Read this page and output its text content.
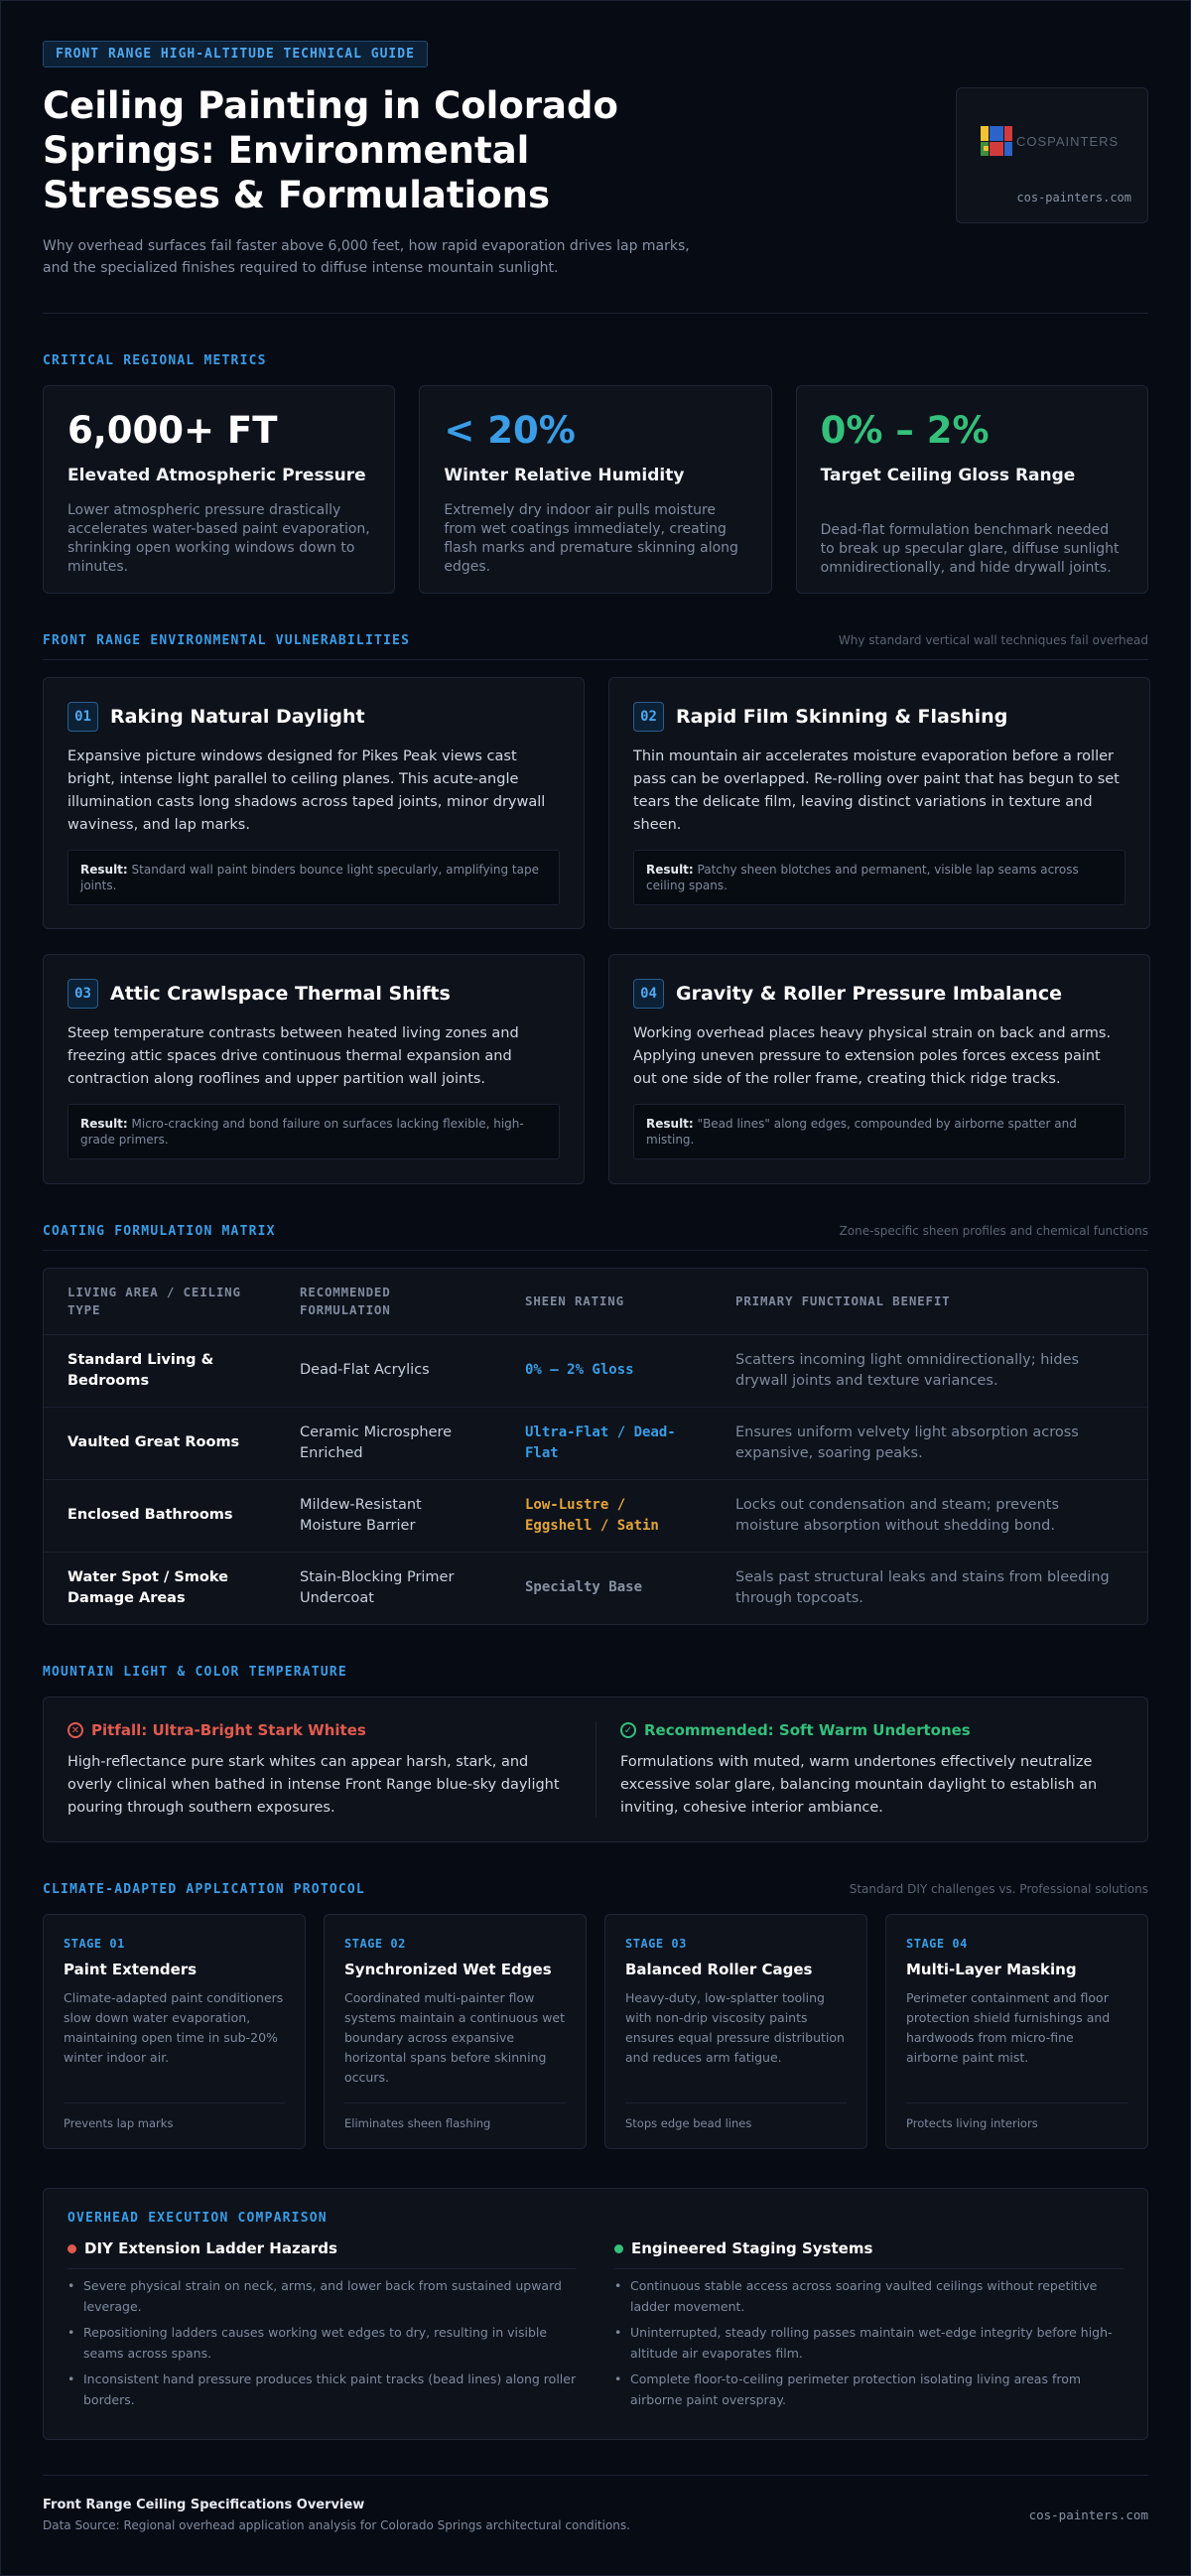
FRONT RANGE HIGH-ALTITUDE TECHNICAL GUIDE
Ceiling Painting in Colorado Springs: Environmental Stresses & Formulations

Why overhead surfaces fail faster above 6,000 feet, how rapid evaporation drives lap marks, and the specialized finishes required to diffuse intense mountain sunlight.

COSPAINTERS
cos-painters.com
CRITICAL REGIONAL METRICS
6,000+ FT
Elevated Atmospheric Pressure
Lower atmospheric pressure drastically accelerates water-based paint evaporation, shrinking open working windows down to minutes.
< 20%
Winter Relative Humidity
Extremely dry indoor air pulls moisture from wet coatings immediately, creating flash marks and premature skinning along edges.
0% – 2%
Target Ceiling Gloss Range
Dead-flat formulation benchmark needed to break up specular glare, diffuse sunlight omnidirectionally, and hide drywall joints.
FRONT RANGE ENVIRONMENTAL VULNERABILITIES	Why standard vertical wall techniques fail overhead
01	Raking Natural Daylight

Expansive picture windows designed for Pikes Peak views cast bright, intense light parallel to ceiling planes. This acute-angle illumination casts long shadows across taped joints, minor drywall waviness, and lap marks.

Result: Standard wall paint binders bounce light specularly, amplifying tape joints.
02	Rapid Film Skinning & Flashing

Thin mountain air accelerates moisture evaporation before a roller pass can be overlapped. Re-rolling over paint that has begun to set tears the delicate film, leaving distinct variations in texture and sheen.

Result: Patchy sheen blotches and permanent, visible lap seams across ceiling spans.
03	Attic Crawlspace Thermal Shifts

Steep temperature contrasts between heated living zones and freezing attic spaces drive continuous thermal expansion and contraction along rooflines and upper partition wall joints.

Result: Micro-cracking and bond failure on surfaces lacking flexible, high-grade primers.
04	Gravity & Roller Pressure Imbalance

Working overhead places heavy physical strain on back and arms. Applying uneven pressure to extension poles forces excess paint out one side of the roller frame, creating thick ridge tracks.

Result: "Bead lines" along edges, compounded by airborne spatter and misting.
COATING FORMULATION MATRIX	Zone-specific sheen profiles and chemical functions
LIVING AREA / CEILING TYPE	RECOMMENDED FORMULATION	SHEEN RATING	PRIMARY FUNCTIONAL BENEFIT
Standard Living & Bedrooms	Dead-Flat Acrylics	0% – 2% Gloss	Scatters incoming light omnidirectionally; hides drywall joints and texture variances.
Vaulted Great Rooms	Ceramic Microsphere Enriched	Ultra-Flat / Dead-Flat	Ensures uniform velvety light absorption across expansive, soaring peaks.
Enclosed Bathrooms	Mildew-Resistant Moisture Barrier	Low-Lustre / Eggshell / Satin	Locks out condensation and steam; prevents moisture absorption without shedding bond.
Water Spot / Smoke Damage Areas	Stain-Blocking Primer Undercoat	Specialty Base	Seals past structural leaks and stains from bleeding through topcoats.
MOUNTAIN LIGHT & COLOR TEMPERATURE
✕ Pitfall: Ultra-Bright Stark Whites

High-reflectance pure stark whites can appear harsh, stark, and overly clinical when bathed in intense Front Range blue-sky daylight pouring through southern exposures.

✓ Recommended: Soft Warm Undertones

Formulations with muted, warm undertones effectively neutralize excessive solar glare, balancing mountain daylight to establish an inviting, cohesive interior ambiance.

CLIMATE-ADAPTED APPLICATION PROTOCOL	Standard DIY challenges vs. Professional solutions
STAGE 01
Paint Extenders

Climate-adapted paint conditioners slow down water evaporation, maintaining open time in sub-20% winter indoor air.

Prevents lap marks
STAGE 02
Synchronized Wet Edges

Coordinated multi-painter flow systems maintain a continuous wet boundary across expansive horizontal spans before skinning occurs.

Eliminates sheen flashing
STAGE 03
Balanced Roller Cages

Heavy-duty, low-splatter tooling with non-drip viscosity paints ensures equal pressure distribution and reduces arm fatigue.

Stops edge bead lines
STAGE 04
Multi-Layer Masking

Perimeter containment and floor protection shield furnishings and hardwoods from micro-fine airborne paint mist.

Protects living interiors
OVERHEAD EXECUTION COMPARISON
DIY Extension Ladder Hazards
• Severe physical strain on neck, arms, and lower back from sustained upward leverage.
• Repositioning ladders causes working wet edges to dry, resulting in visible seams across spans.
• Inconsistent hand pressure produces thick paint tracks (bead lines) along roller borders.
Engineered Staging Systems
• Continuous stable access across soaring vaulted ceilings without repetitive ladder movement.
• Uninterrupted, steady rolling passes maintain wet-edge integrity before high-altitude air evaporates film.
• Complete floor-to-ceiling perimeter protection isolating living areas from airborne paint overspray.
Front Range Ceiling Specifications Overview
Data Source: Regional overhead application analysis for Colorado Springs architectural conditions.
cos-painters.com
